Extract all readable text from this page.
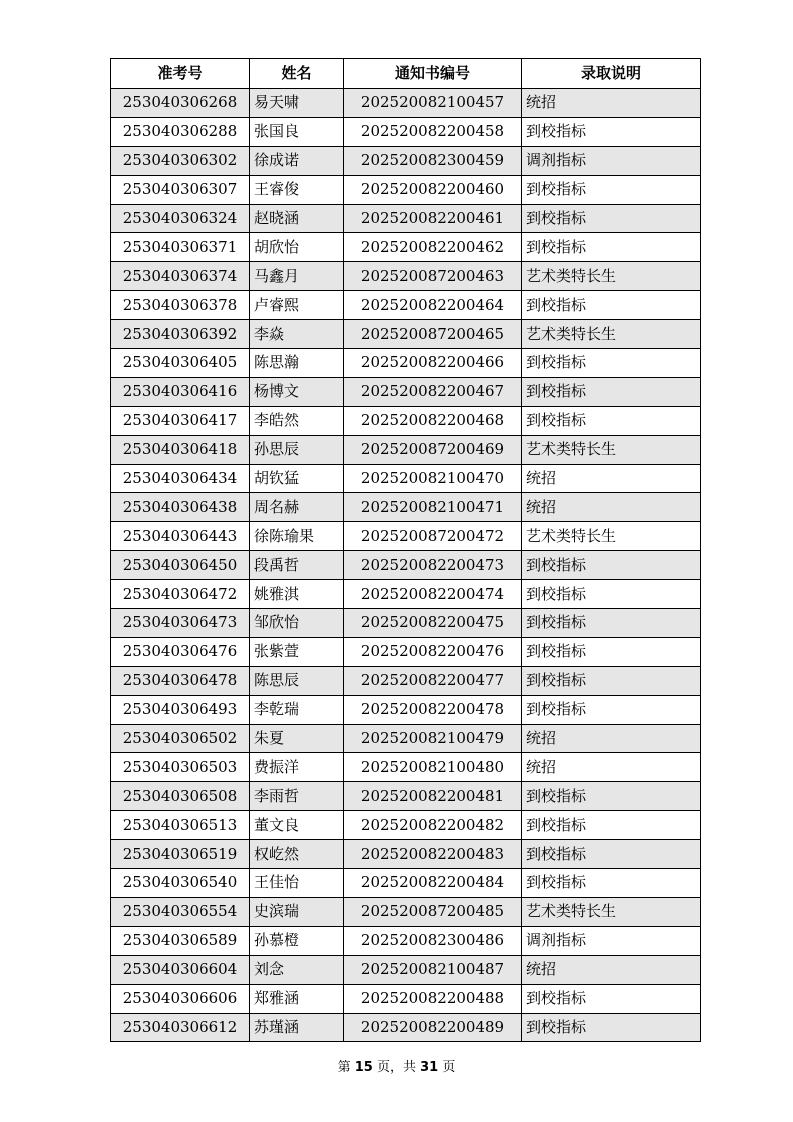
准考号	姓名	通知书编号	录取说明
253040306268	易天啸	202520082100457	统招
253040306288	张国良	202520082200458	到校指标
253040306302	徐成诺	202520082300459	调剂指标
253040306307	王睿俊	202520082200460	到校指标
253040306324	赵晓涵	202520082200461	到校指标
253040306371	胡欣怡	202520082200462	到校指标
253040306374	马鑫月	202520087200463	艺术类特长生
253040306378	卢睿熙	202520082200464	到校指标
253040306392	李焱	202520087200465	艺术类特长生
253040306405	陈思瀚	202520082200466	到校指标
253040306416	杨博文	202520082200467	到校指标
253040306417	李皓然	202520082200468	到校指标
253040306418	孙思辰	202520087200469	艺术类特长生
253040306434	胡钦猛	202520082100470	统招
253040306438	周名赫	202520082100471	统招
253040306443	徐陈瑜果	202520087200472	艺术类特长生
253040306450	段禹哲	202520082200473	到校指标
253040306472	姚雅淇	202520082200474	到校指标
253040306473	邹欣怡	202520082200475	到校指标
253040306476	张紫萱	202520082200476	到校指标
253040306478	陈思辰	202520082200477	到校指标
253040306493	李乾瑞	202520082200478	到校指标
253040306502	朱夏	202520082100479	统招
253040306503	费振洋	202520082100480	统招
253040306508	李雨哲	202520082200481	到校指标
253040306513	董文良	202520082200482	到校指标
253040306519	权屹然	202520082200483	到校指标
253040306540	王佳怡	202520082200484	到校指标
253040306554	史滨瑞	202520087200485	艺术类特长生
253040306589	孙慕橙	202520082300486	调剂指标
253040306604	刘念	202520082100487	统招
253040306606	郑雅涵	202520082200488	到校指标
253040306612	苏瑾涵	202520082200489	到校指标
第 15 页，共 31 页
